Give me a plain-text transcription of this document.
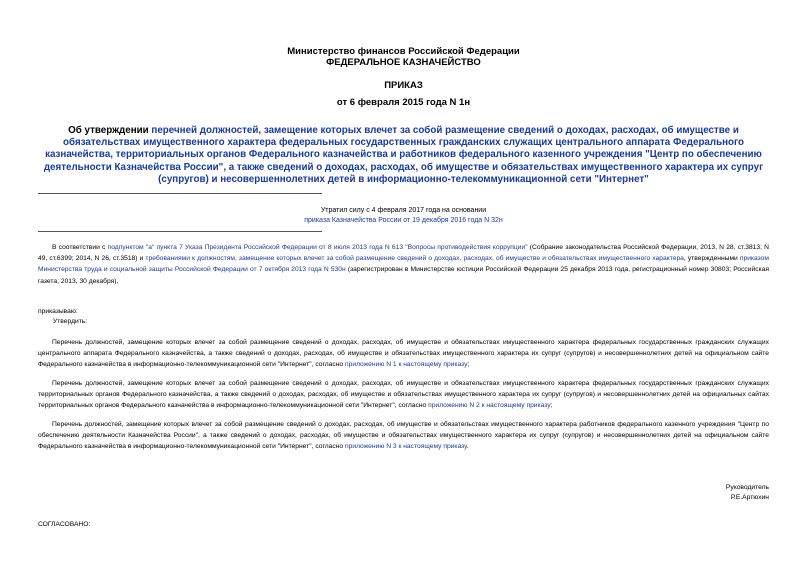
Министерство финансов Российской Федерации
ФЕДЕРАЛЬНОЕ КАЗНАЧЕЙСТВО
ПРИКАЗ
от 6 февраля 2015 года N 1н
Об утверждении перечней должностей, замещение которых влечет за собой размещение сведений о доходах, расходах, об имуществе и обязательствах имущественного характера федеральных государственных гражданских служащих центрального аппарата Федерального казначейства, территориальных органов Федерального казначейства и работников федерального казенного учреждения "Центр по обеспечению деятельности Казначейства России", а также сведений о доходах, расходах, об имуществе и обязательствах имущественного характера их супруг (супругов) и несовершеннолетних детей в информационно-телекоммуникационной сети "Интернет"
Утратил силу с 4 февраля 2017 года на основании
приказа Казначейства России от 19 декабря 2016 года N 32н
В соответствии с подпунктом "а" пункта 7 Указа Президента Российской Федерации от 8 июля 2013 года N 613 "Вопросы противодействия коррупции" (Собрание законодательства Российской Федерации, 2013, N 28, ст.3813; N 49, ст.6399; 2014, N 26, ст.3518) и требованиями к должностям, замещение которых влечет за собой размещение сведений о доходах, расходах, об имуществе и обязательствах имущественного характера, утвержденными приказом Министерства труда и социальной защиты Российской Федерации от 7 октября 2013 года N 530н (зарегистрирован в Министерстве юстиции Российской Федерации 25 декабря 2013 года, регистрационный номер 30803; Российская газета, 2013, 30 декабря),
приказываю:
Утвердить:
Перечень должностей, замещение которых влечет за собой размещение сведений о доходах, расходах, об имуществе и обязательствах имущественного характера федеральных государственных гражданских служащих центрального аппарата Федерального казначейства, а также сведений о доходах, расходах, об имуществе и обязательствах имущественного характера их супруг (супругов) и несовершеннолетних детей на официальном сайте Федерального казначейства в информационно-телекоммуникационной сети "Интернет", согласно приложению N 1 к настоящему приказу;
Перечень должностей, замещение которых влечет за собой размещение сведений о доходах, расходах, об имуществе и обязательствах имущественного характера федеральных государственных гражданских служащих территориальных органов Федерального казначейства, а также сведений о доходах, расходах, об имуществе и обязательствах имущественного характера их супруг (супругов) и несовершеннолетних детей на официальных сайтах территориальных органов Федерального казначейства в информационно-телекоммуникационной сети "Интернет", согласно приложению N 2 к настоящему приказу;
Перечень должностей, замещение которых влечет за собой размещение сведений о доходах, расходах, об имуществе и обязательствах имущественного характера работников федерального казенного учреждения "Центр по обеспечению деятельности Казначейства России", а также сведений о доходах, расходах, об имуществе и обязательствах имущественного характера их супруг (супругов) и несовершеннолетних детей на официальном сайте Федерального казначейства в информационно-телекоммуникационной сети "Интернет", согласно приложению N 3 к настоящему приказу.
Руководитель
Р.Е.Артюхин
СОГЛАСОВАНО:
